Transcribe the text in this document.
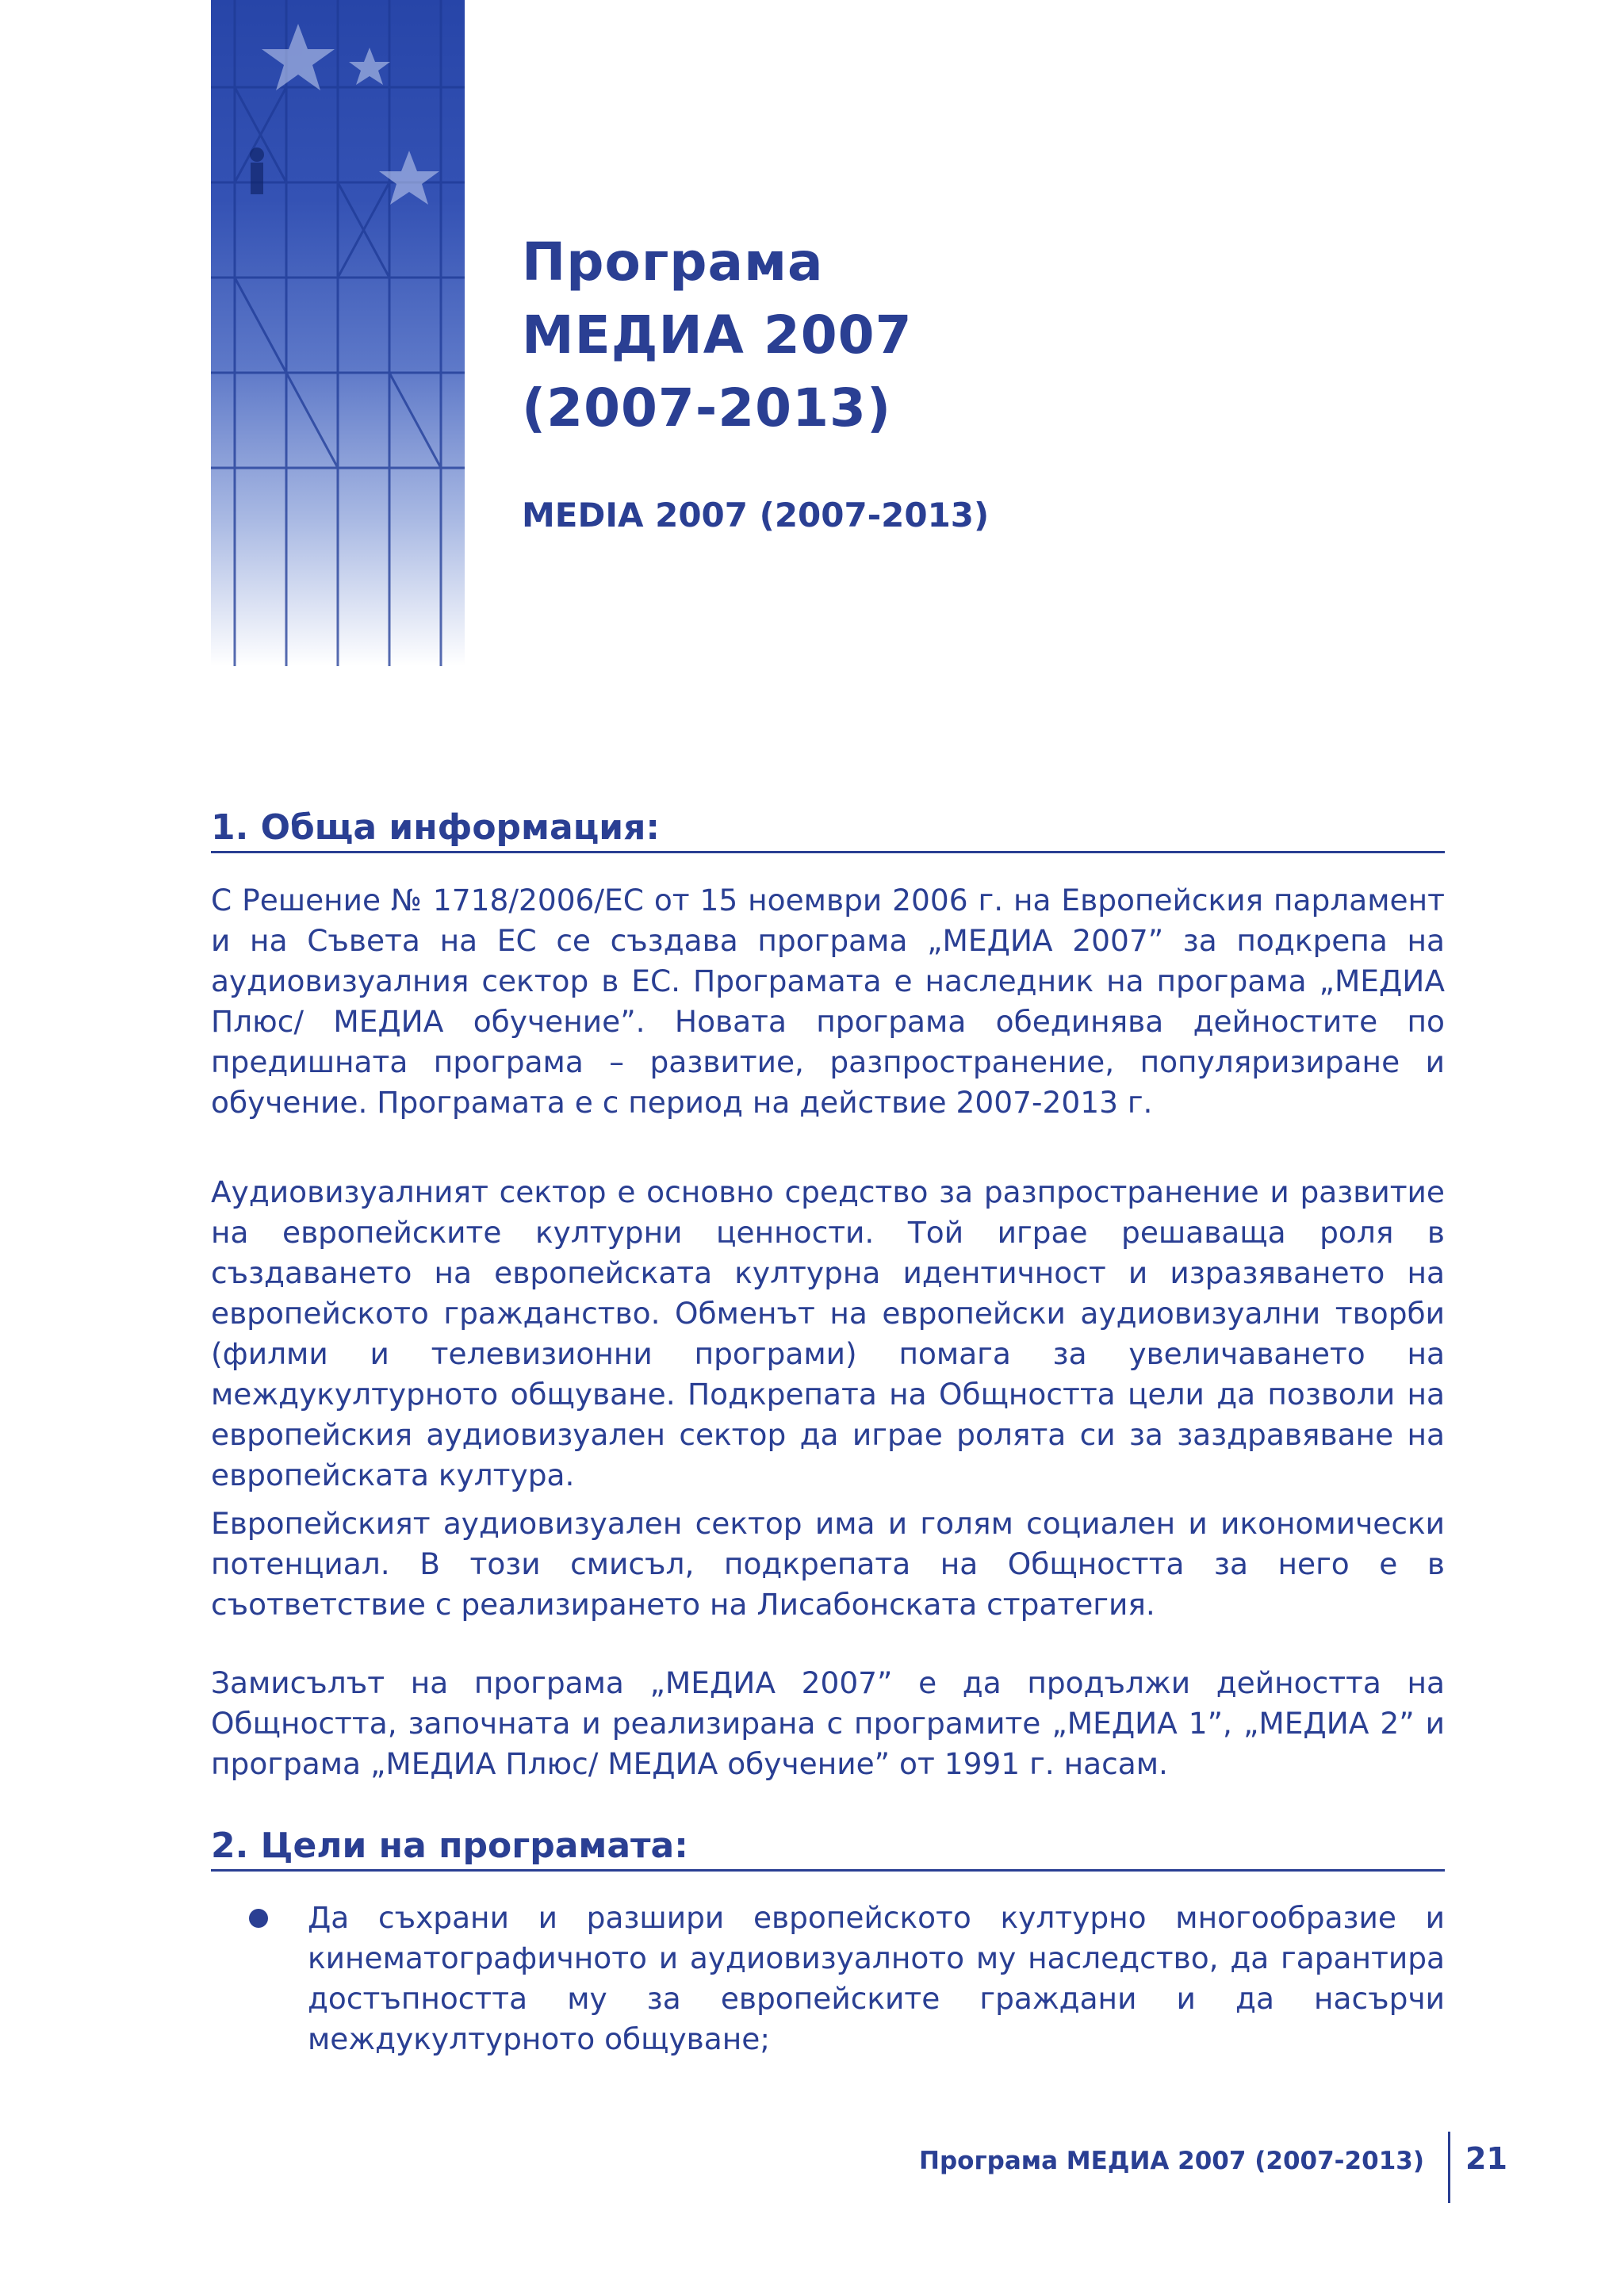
Програма
МЕДИА 2007
(2007-2013)
MEDIA 2007 (2007-2013)
1. Обща информация:

С Решение № 1718/2006/ЕС от 15 ноември 2006 г. на Европейския парламент и на Съвета на ЕС се създава програма „МЕДИА 2007” за подкрепа на аудиовизуалния сектор в ЕС. Програмата е наследник на програма „МЕДИА Плюс/ МЕДИА обучение”. Новата програма обединява дейностите по предишната програма – развитие, разпространение, популяризиране и обучение. Програмата е с период на действие 2007-2013 г.

Аудиовизуалният сектор е основно средство за разпространение и развитие на европейските културни ценности. Той играе решаваща роля в създаването на европейската културна идентичност и изразяването на европейското гражданство. Обменът на европейски аудиовизуални творби (филми и телевизионни програми) помага за увеличаването на междукултурното общуване. Подкрепата на Общността цели да позволи на европейския аудиовизуален сектор да играе ролята си за заздравяване на европейската култура.

Европейският аудиовизуален сектор има и голям социален и икономически потенциал. В този смисъл, подкрепата на Общността за него е в съответствие с реализирането на Лисабонската стратегия.

Замисълът на програма „МЕДИА 2007” е да продължи дейността на Общността, започната и реализирана с програмите „МЕДИА 1”, „МЕДИА 2” и програма „МЕДИА Плюс/ МЕДИА обучение” от 1991 г. насам.

2. Цели на програмата:
Да съхрани и разшири европейското културно многообразие и кинематографичното и аудиовизуалното му наследство, да гарантира достъпността му за европейските граждани и да насърчи междукултурното общуване;
Програма МЕДИА 2007 (2007-2013) 21
